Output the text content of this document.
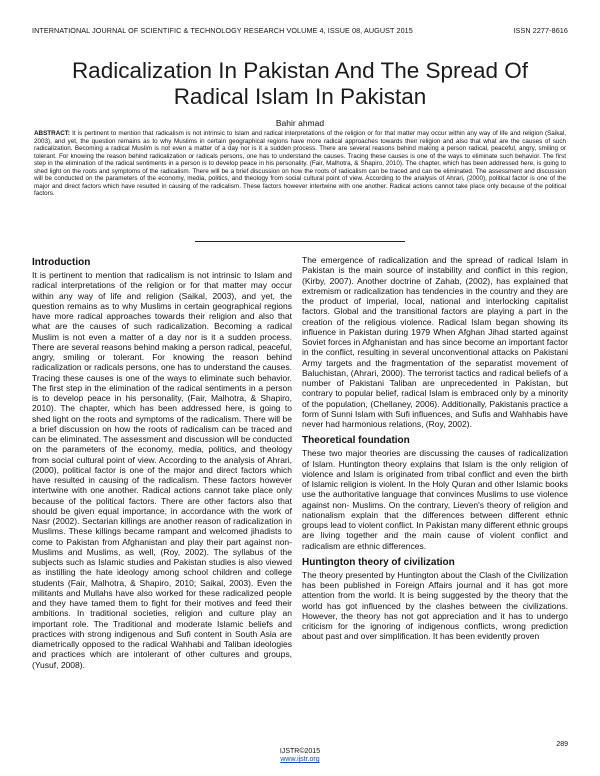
INTERNATIONAL JOURNAL OF SCIENTIFIC & TECHNOLOGY RESEARCH VOLUME 4, ISSUE 08, AUGUST 2015	ISSN 2277-8616
Radicalization In Pakistan And The Spread Of Radical Islam In Pakistan
Bahir ahmad
ABSTRACT: It is pertinent to mention that radicalism is not intrinsic to Islam and radical interpretations of the religion or for that matter may occur within any way of life and religion (Saikal, 2003), and yet, the question remains as to why Muslims in certain geographical regions have more radical approaches towards their religion and also that what are the causes of such radicalization. Becoming a radical Muslim is not even a matter of a day nor is it a sudden process. There are several reasons behind making a person radical, peaceful, angry, smiling or tolerant. For knowing the reason behind radicalization or radicals persons, one has to understand the causes. Tracing these causes is one of the ways to eliminate such behavior. The first step in the elimination of the radical sentiments in a person is to develop peace in his personality. (Fair, Malhotra, & Shapiro, 2010). The chapter, which has been addressed here, is going to shed light on the roots and symptoms of the radicalism. There will be a brief discussion on how the roots of radicalism can be traced and can be eliminated. The assessment and discussion will be conducted on the parameters of the economy, media, politics, and theology from social cultural point of view. According to the analysis of Ahrari, (2000), political factor is one of the major and direct factors which have resulted in causing of the radicalism. These factors however intertwine with one another. Radical actions cannot take place only because of the political factors.
Introduction

It is pertinent to mention that radicalism is not intrinsic to Islam and radical interpretations of the religion or for that matter may occur within any way of life and religion (Saikal, 2003), and yet, the question remains as to why Muslims in certain geographical regions have more radical approaches towards their religion and also that what are the causes of such radicalization. Becoming a radical Muslim is not even a matter of a day nor is it a sudden process. There are several reasons behind making a person radical, peaceful, angry, smiling or tolerant. For knowing the reason behind radicalization or radicals persons, one has to understand the causes. Tracing these causes is one of the ways to eliminate such behavior. The first step in the elimination of the radical sentiments in a person is to develop peace in his personality, (Fair, Malhotra, & Shapiro, 2010). The chapter, which has been addressed here, is going to shed light on the roots and symptoms of the radicalism. There will be a brief discussion on how the roots of radicalism can be traced and can be eliminated. The assessment and discussion will be conducted on the parameters of the economy, media, politics, and theology from social cultural point of view. According to the analysis of Ahrari, (2000), political factor is one of the major and direct factors which have resulted in causing of the radicalism. These factors however intertwine with one another. Radical actions cannot take place only because of the political factors. There are other factors also that should be given equal importance, in accordance with the work of Nasr (2002). Sectarian killings are another reason of radicalization in Muslims. These killings became rampant and welcomed jihadists to come to Pakistan from Afghanistan and play their part against non-Muslims and Muslims, as well, (Roy, 2002). The syllabus of the subjects such as Islamic studies and Pakistan studies is also viewed as instilling the hate ideology among school children and college students (Fair, Malhotra, & Shapiro, 2010; Saikal, 2003). Even the militants and Mullahs have also worked for these radicalized people and they have tamed them to fight for their motives and feed their ambitions. In traditional societies, religion and culture play an important role. The Traditional and moderate Islamic beliefs and practices with strong indigenous and Sufi content in South Asia are diametrically opposed to the radical Wahhabi and Taliban ideologies and practices which are intolerant of other cultures and groups, (Yusuf, 2008).

The emergence of radicalization and the spread of radical Islam in Pakistan is the main source of instability and conflict in this region, (Kirby, 2007). Another doctrine of Zahab, (2002), has explained that extremism or radicalization has tendencies in the country and they are the product of imperial, local, national and interlocking capitalist factors. Global and the transitional factors are playing a part in the creation of the religious violence. Radical Islam began showing its influence in Pakistan during 1979 When Afghan Jihad started against Soviet forces in Afghanistan and has since become an important factor in the conflict, resulting in several unconventional attacks on Pakistani Army targets and the fragmentation of the separatist movement of Baluchistan, (Ahrari, 2000). The terrorist tactics and radical beliefs of a number of Pakistani Taliban are unprecedented in Pakistan, but contrary to popular belief, radical Islam is embraced only by a minority of the population, (Chellaney, 2006). Additionally, Pakistanis practice a form of Sunni Islam with Sufi influences, and Sufis and Wahhabis have never had harmonious relations, (Roy, 2002).

Theoretical foundation

These two major theories are discussing the causes of radicalization of Islam. Huntington theory explains that Islam is the only religion of violence and Islam is originated from tribal conflict and even the birth of Islamic religion is violent. In the Holy Quran and other Islamic books use the authoritative language that convinces Muslims to use violence against non- Muslims. On the contrary, Lieven's theory of religion and nationalism explain that the differences between different ethnic groups lead to violent conflict. In Pakistan many different ethnic groups are living together and the main cause of violent conflict and radicalism are ethnic differences.

Huntington theory of civilization

The theory presented by Huntington about the Clash of the Civilization has been published in Foreign Affairs journal and it has got more attention from the world. It is being suggested by the theory that the world has got influenced by the clashes between the civilizations. However, the theory has not got appreciation and it has to undergo criticism for the ignoring of indigenous conflicts, wrong prediction about past and over simplification. It has been evidently proven

IJSTR©2015
www.ijstr.org
289
